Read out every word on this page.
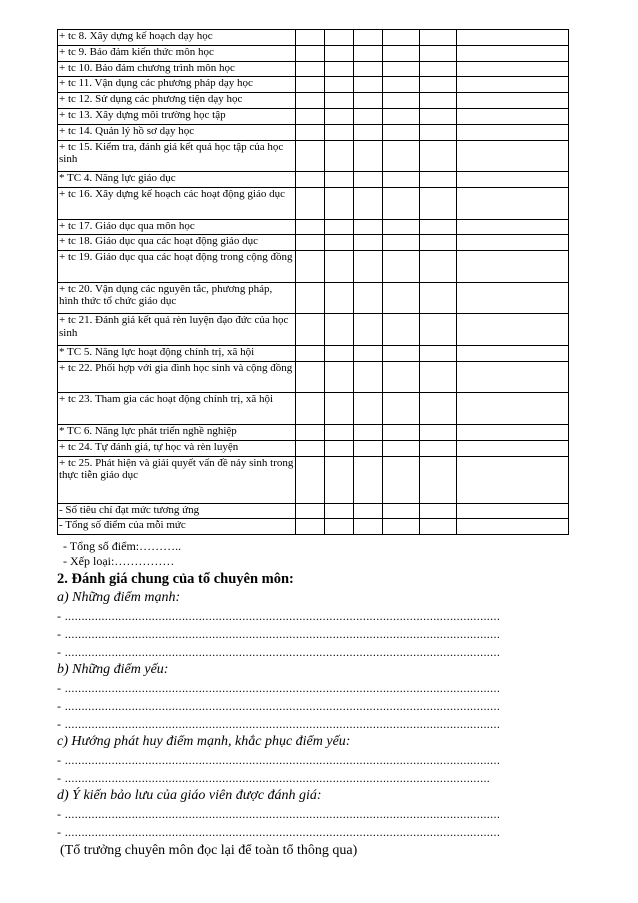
+ tc 8. Xây dựng kế hoạch dạy học						
+ tc 9. Bảo đảm kiến thức môn học						
+ tc 10. Bảo đảm chương trình môn học						
+ tc 11. Vận dụng các phương pháp dạy học						
+ tc 12. Sử dụng các phương tiện dạy học						
+ tc 13. Xây dựng môi trường học tập						
+ tc 14. Quản lý hồ sơ dạy học						
+ tc 15. Kiểm tra, đánh giá kết quả học tập của học sinh						
* TC 4. Năng lực giáo dục						
+ tc 16. Xây dựng kế hoạch các hoạt động giáo dục						
+ tc 17. Giáo dục qua môn học						
+ tc 18. Giáo dục qua các hoạt động giáo dục						
+ tc 19. Giáo dục qua các hoạt động trong cộng đồng						
+ tc 20. Vận dụng các nguyên tắc, phương pháp, hình thức tổ chức giáo dục						
+ tc 21. Đánh giá kết quả rèn luyện đạo đức của học sinh						
* TC 5. Năng lực hoạt động chính trị, xã hội						
+ tc 22. Phối hợp với gia đình học sinh và cộng đồng						
+ tc 23. Tham gia các hoạt động chính trị, xã hội						
* TC 6. Năng lực phát triển nghề nghiệp						
+ tc 24. Tự đánh giá, tự học và rèn luyện						
+ tc 25. Phát hiện và giải quyết vấn đề nảy sinh trong thực tiễn giáo dục						
- Số tiêu chí đạt mức tương ứng						
- Tổng số điểm của mỗi mức						
- Tổng số điểm:………..
- Xếp loại:……………
2. Đánh giá chung của tổ chuyên môn:
a) Những điểm mạnh:
- ..................................................................................................................................
- ..................................................................................................................................
- ..................................................................................................................................
b) Những điểm yếu:
- ..................................................................................................................................
- ..................................................................................................................................
- ..................................................................................................................................
c) Hướng phát huy điểm mạnh, khắc phục điểm yếu:
- ..................................................................................................................................
- ...............................................................................................................................
d) Ý kiến bảo lưu của giáo viên được đánh giá:
- ..................................................................................................................................
- ..................................................................................................................................
(Tổ trưởng chuyên môn đọc lại để toàn tổ thông qua)
